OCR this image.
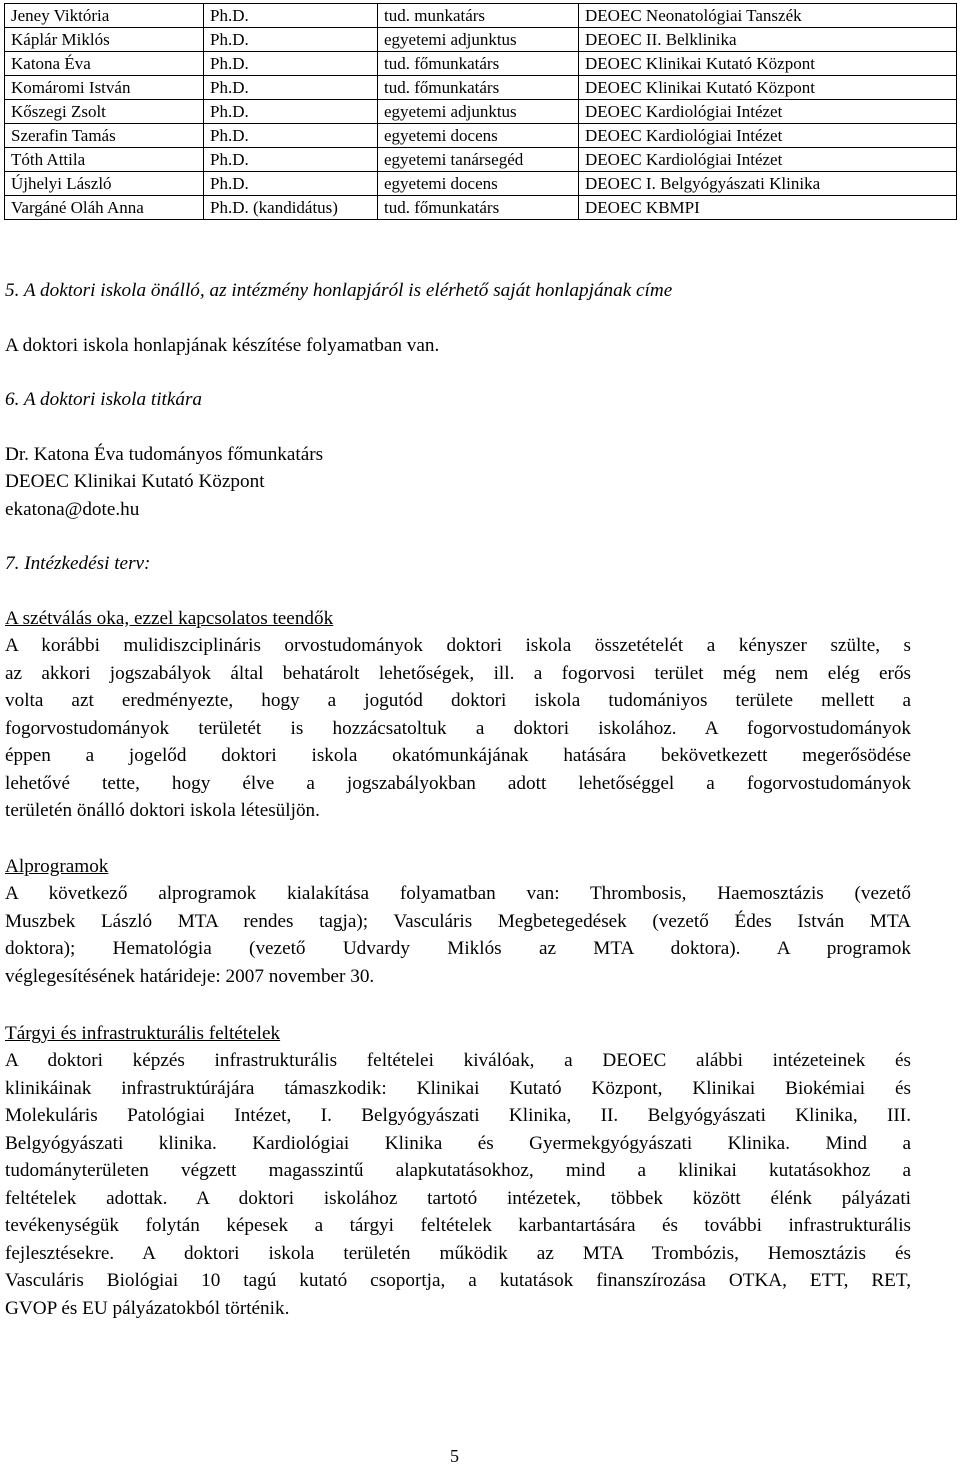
Jeney Viktória	Ph.D.	tud. munkatárs	DEOEC Neonatológiai Tanszék
Káplár Miklós	Ph.D.	egyetemi adjunktus	DEOEC II. Belklinika
Katona Éva	Ph.D.	tud. főmunkatárs	DEOEC Klinikai Kutató Központ
Komáromi István	Ph.D.	tud. főmunkatárs	DEOEC Klinikai Kutató Központ
Kőszegi Zsolt	Ph.D.	egyetemi adjunktus	DEOEC Kardiológiai Intézet
Szerafin Tamás	Ph.D.	egyetemi docens	DEOEC Kardiológiai Intézet
Tóth Attila	Ph.D.	egyetemi tanársegéd	DEOEC Kardiológiai Intézet
Újhelyi László	Ph.D.	egyetemi docens	DEOEC I. Belgyógyászati Klinika
Vargáné Oláh Anna	Ph.D. (kandidátus)	tud. főmunkatárs	DEOEC KBMPI
5. A doktori iskola önálló, az intézmény honlapjáról is elérhető saját honlapjának címe
A doktori iskola honlapjának készítése folyamatban van.
6. A doktori iskola titkára
Dr. Katona Éva tudományos főmunkatárs
DEOEC Klinikai Kutató Központ
ekatona@dote.hu
7. Intézkedési terv:
A szétválás oka, ezzel kapcsolatos teendők
A korábbi mulidiszciplináris orvostudományok doktori iskola összetételét a kényszer szülte, s
az akkori jogszabályok által behatárolt lehetőségek, ill. a fogorvosi terület még nem elég erős
volta azt eredményezte, hogy a jogutód doktori iskola tudomániyos területe mellett a
fogorvostudományok területét is hozzácsatoltuk a doktori iskolához. A fogorvostudományok
éppen a jogelőd doktori iskola okatómunkájának hatására bekövetkezett megerősödése
lehetővé tette, hogy élve a jogszabályokban adott lehetőséggel a fogorvostudományok
területén önálló doktori iskola létesüljön.
Alprogramok
A következő alprogramok kialakítása folyamatban van: Thrombosis, Haemosztázis (vezető
Muszbek László MTA rendes tagja); Vasculáris Megbetegedések (vezető Édes István MTA
doktora); Hematológia (vezető Udvardy Miklós az MTA doktora). A programok
véglegesítésének határideje: 2007 november 30.
Tárgyi és infrastrukturális feltételek
A doktori képzés infrastrukturális feltételei kiválóak, a DEOEC alábbi intézeteinek és
klinikáinak infrastruktúrájára támaszkodik: Klinikai Kutató Központ, Klinikai Biokémiai és
Molekuláris Patológiai Intézet, I. Belgyógyászati Klinika, II. Belgyógyászati Klinika, III.
Belgyógyászati klinika. Kardiológiai Klinika és Gyermekgyógyászati Klinika. Mind a
tudományterületen végzett magasszintű alapkutatásokhoz, mind a klinikai kutatásokhoz a
feltételek adottak. A doktori iskolához tartotó intézetek, többek között élénk pályázati
tevékenységük folytán képesek a tárgyi feltételek karbantartására és további infrastrukturális
fejlesztésekre. A doktori iskola területén működik az MTA Trombózis, Hemosztázis és
Vasculáris Biológiai 10 tagú kutató csoportja, a kutatások finanszírozása OTKA, ETT, RET,
GVOP és EU pályázatokból történik.
5
